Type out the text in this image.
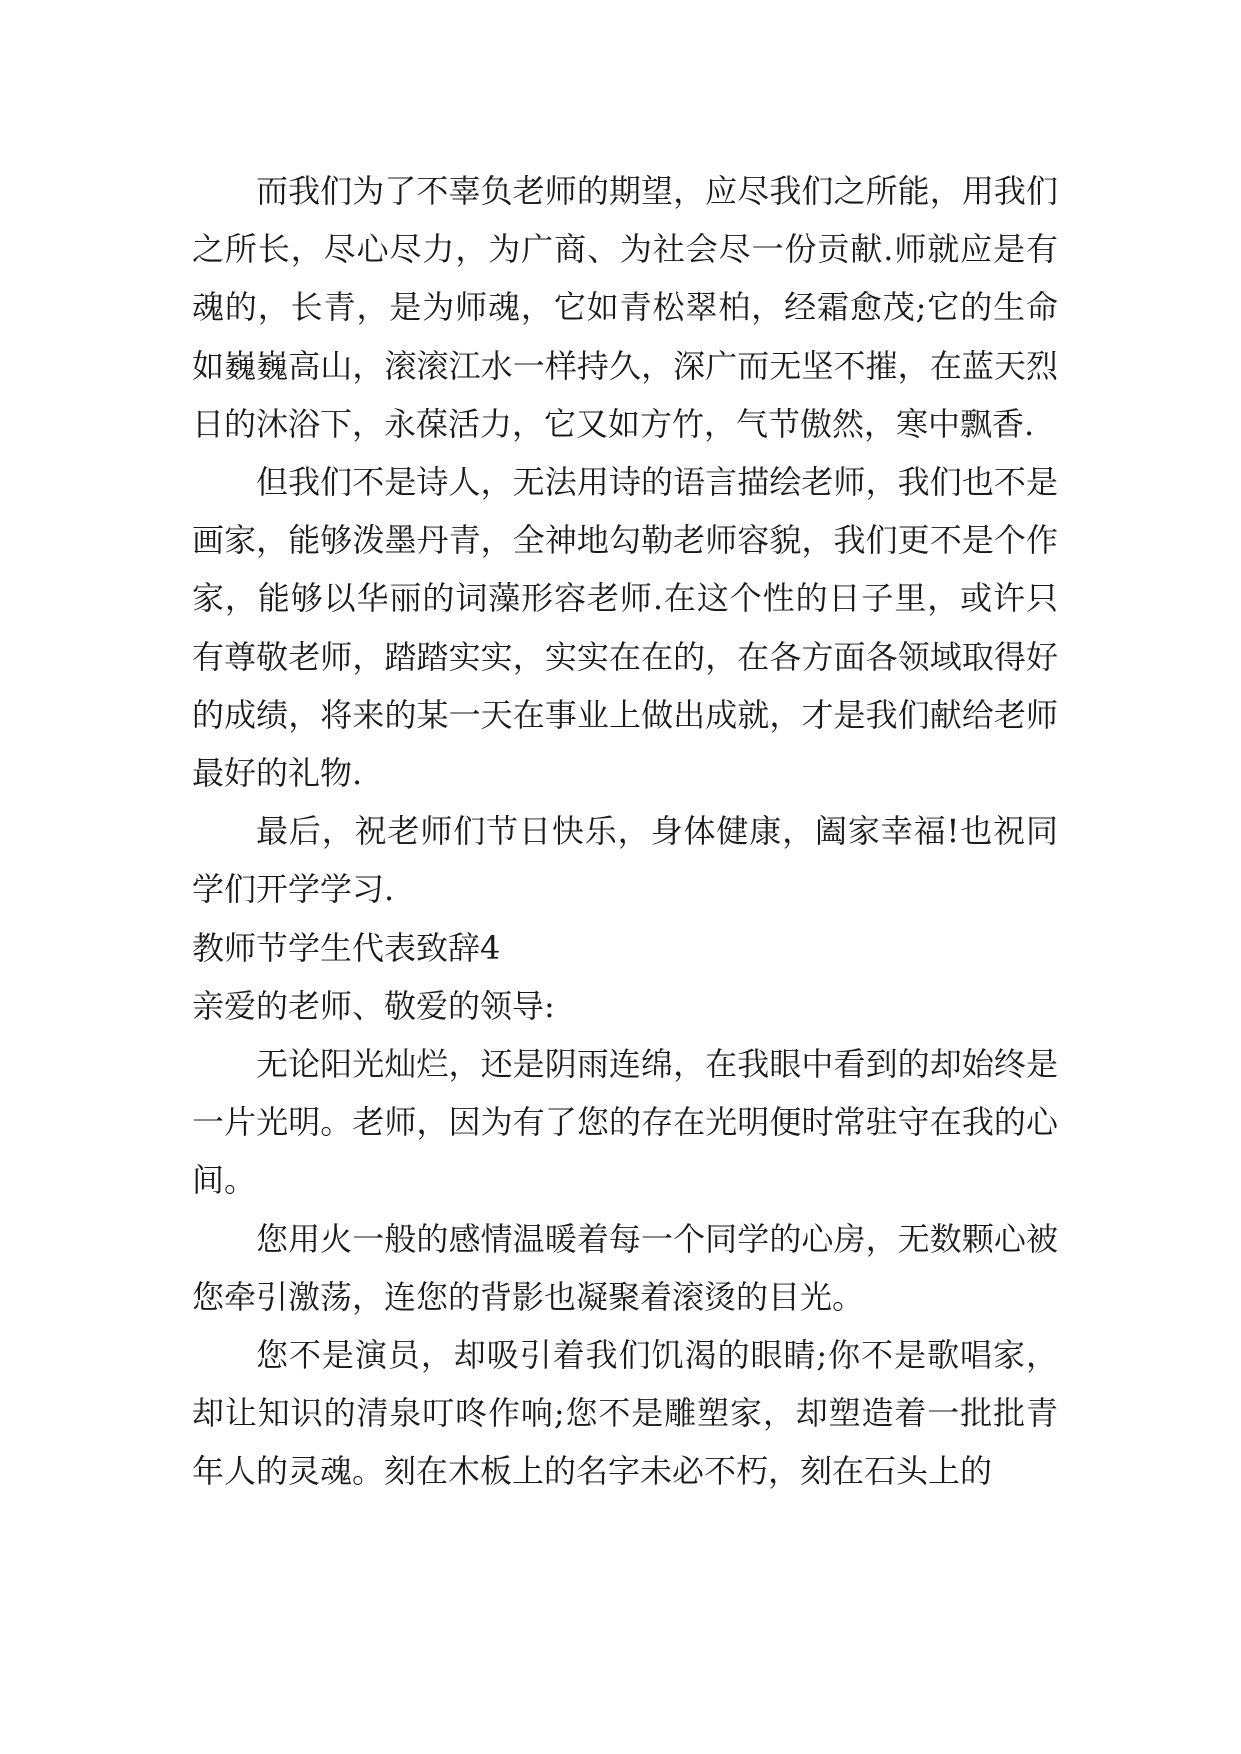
而我们为了不辜负老师的期望，应尽我们之所能，用我们之所长，尽心尽力，为广商、为社会尽一份贡献.师就应是有魂的，长青，是为师魂，它如青松翠柏，经霜愈茂;它的生命如巍巍高山，滚滚江水一样持久，深广而无坚不摧，在蓝天烈日的沐浴下，永葆活力，它又如方竹，气节傲然，寒中飘香.

但我们不是诗人，无法用诗的语言描绘老师，我们也不是画家，能够泼墨丹青，全神地勾勒老师容貌，我们更不是个作家，能够以华丽的词藻形容老师.在这个性的日子里，或许只有尊敬老师，踏踏实实，实实在在的，在各方面各领域取得好的成绩，将来的某一天在事业上做出成就，才是我们献给老师最好的礼物.

最后，祝老师们节日快乐，身体健康，阖家幸福!也祝同学们开学学习.

教师节学生代表致辞4

亲爱的老师、敬爱的领导:

无论阳光灿烂，还是阴雨连绵，在我眼中看到的却始终是一片光明。老师，因为有了您的存在光明便时常驻守在我的心间。

您用火一般的感情温暖着每一个同学的心房，无数颗心被您牵引激荡，连您的背影也凝聚着滚烫的目光。

您不是演员，却吸引着我们饥渴的眼睛;你不是歌唱家，却让知识的清泉叮咚作响;您不是雕塑家，却塑造着一批批青年人的灵魂。刻在木板上的名字未必不朽，刻在石头上的
